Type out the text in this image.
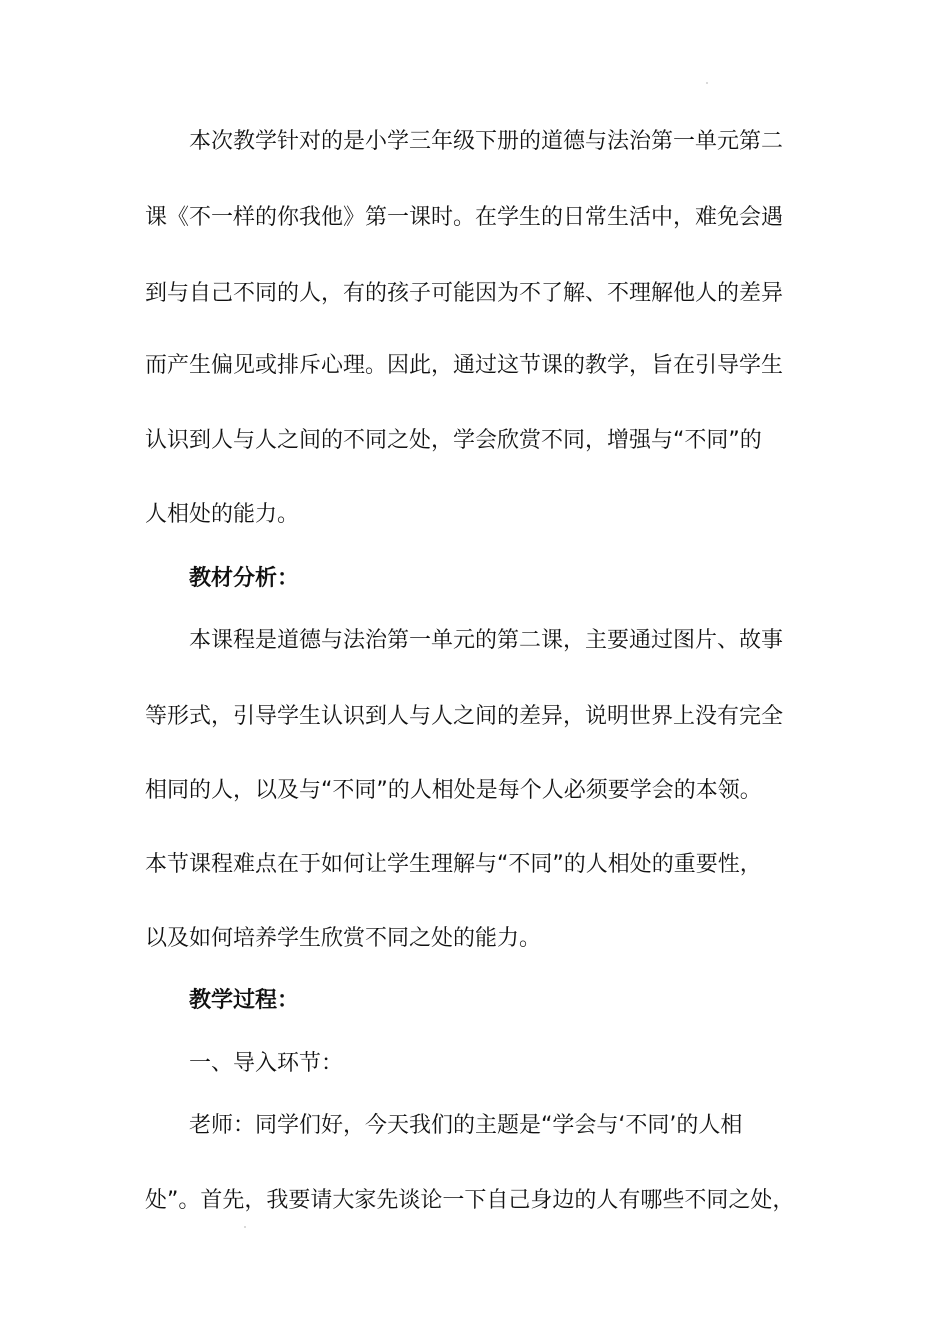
本次教学针对的是小学三年级下册的道德与法治第一单元第二
课《不一样的你我他》第一课时。在学生的日常生活中，难免会遇
到与自己不同的人，有的孩子可能因为不了解、不理解他人的差异
而产生偏见或排斥心理。因此，通过这节课的教学，旨在引导学生
认识到人与人之间的不同之处，学会欣赏不同，增强与“不同”的
人相处的能力。
教材分析：
本课程是道德与法治第一单元的第二课，主要通过图片、故事
等形式，引导学生认识到人与人之间的差异，说明世界上没有完全
相同的人，以及与“不同”的人相处是每个人必须要学会的本领。
本节课程难点在于如何让学生理解与“不同”的人相处的重要性，
以及如何培养学生欣赏不同之处的能力。
教学过程：
一、导入环节：
老师：同学们好，今天我们的主题是“学会与‘不同’的人相
处”。首先，我要请大家先谈论一下自己身边的人有哪些不同之处，
